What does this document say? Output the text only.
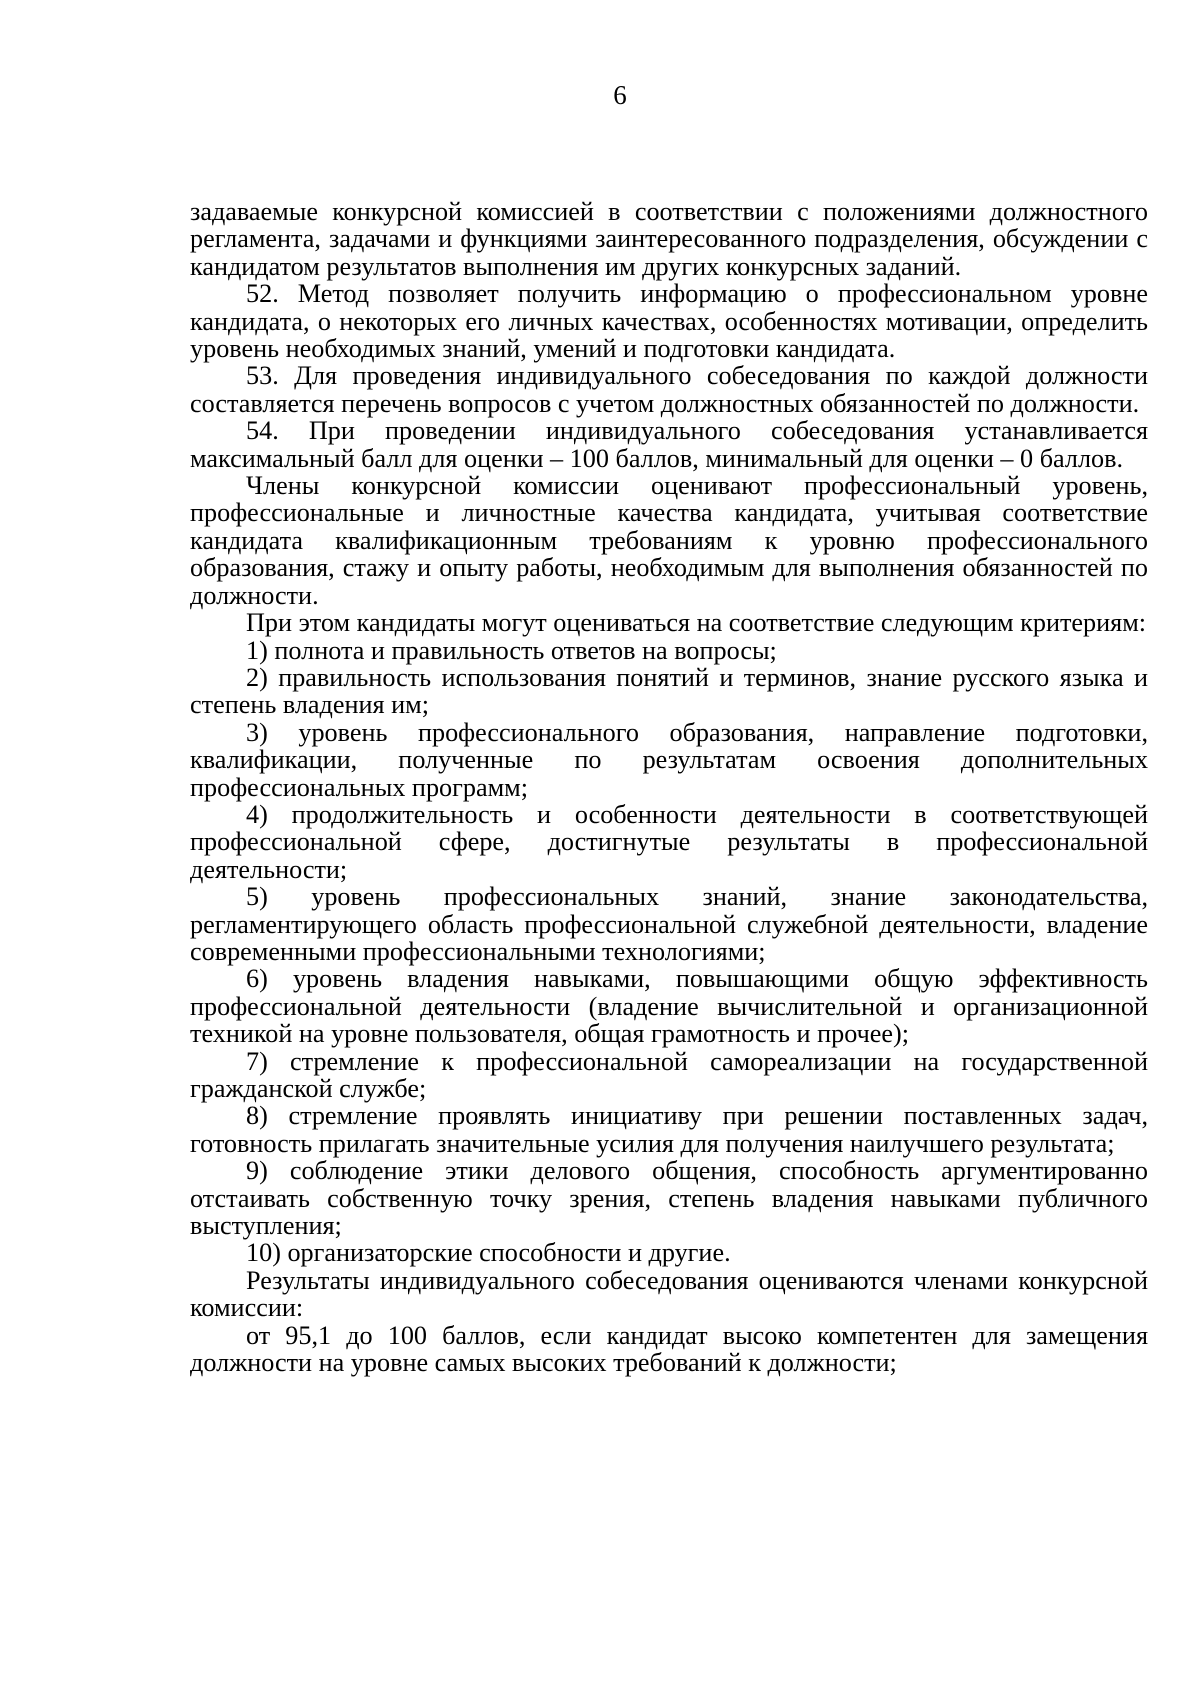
6

задаваемые конкурсной комиссией в соответствии с положениями должностного регламента, задачами и функциями заинтересованного подразделения, обсуждении с кандидатом результатов выполнения им других конкурсных заданий.

52. Метод позволяет получить информацию о профессиональном уровне кандидата, о некоторых его личных качествах, особенностях мотивации, определить уровень необходимых знаний, умений и подготовки кандидата.

53. Для проведения индивидуального собеседования по каждой должности составляется перечень вопросов с учетом должностных обязанностей по должности.

54. При проведении индивидуального собеседования устанавливается максимальный балл для оценки – 100 баллов, минимальный для оценки – 0 баллов.

Члены конкурсной комиссии оценивают профессиональный уровень, профессиональные и личностные качества кандидата, учитывая соответствие кандидата квалификационным требованиям к уровню профессионального образования, стажу и опыту работы, необходимым для выполнения обязанностей по должности.

При этом кандидаты могут оцениваться на соответствие следующим критериям:

1) полнота и правильность ответов на вопросы;

2) правильность использования понятий и терминов, знание русского языка и степень владения им;

3) уровень профессионального образования, направление подготовки, квалификации, полученные по результатам освоения дополнительных профессиональных программ;

4) продолжительность и особенности деятельности в соответствующей профессиональной сфере, достигнутые результаты в профессиональной деятельности;

5) уровень профессиональных знаний, знание законодательства, регламентирующего область профессиональной служебной деятельности, владение современными профессиональными технологиями;

6) уровень владения навыками, повышающими общую эффективность профессиональной деятельности (владение вычислительной и организационной техникой на уровне пользователя, общая грамотность и прочее);

7) стремление к профессиональной самореализации на государственной гражданской службе;

8) стремление проявлять инициативу при решении поставленных задач, готовность прилагать значительные усилия для получения наилучшего результата;

9) соблюдение этики делового общения, способность аргументированно отстаивать собственную точку зрения, степень владения навыками публичного выступления;

10) организаторские способности и другие.

Результаты индивидуального собеседования оцениваются членами конкурсной комиссии:

от 95,1 до 100 баллов, если кандидат высоко компетентен для замещения должности на уровне самых высоких требований к должности;
